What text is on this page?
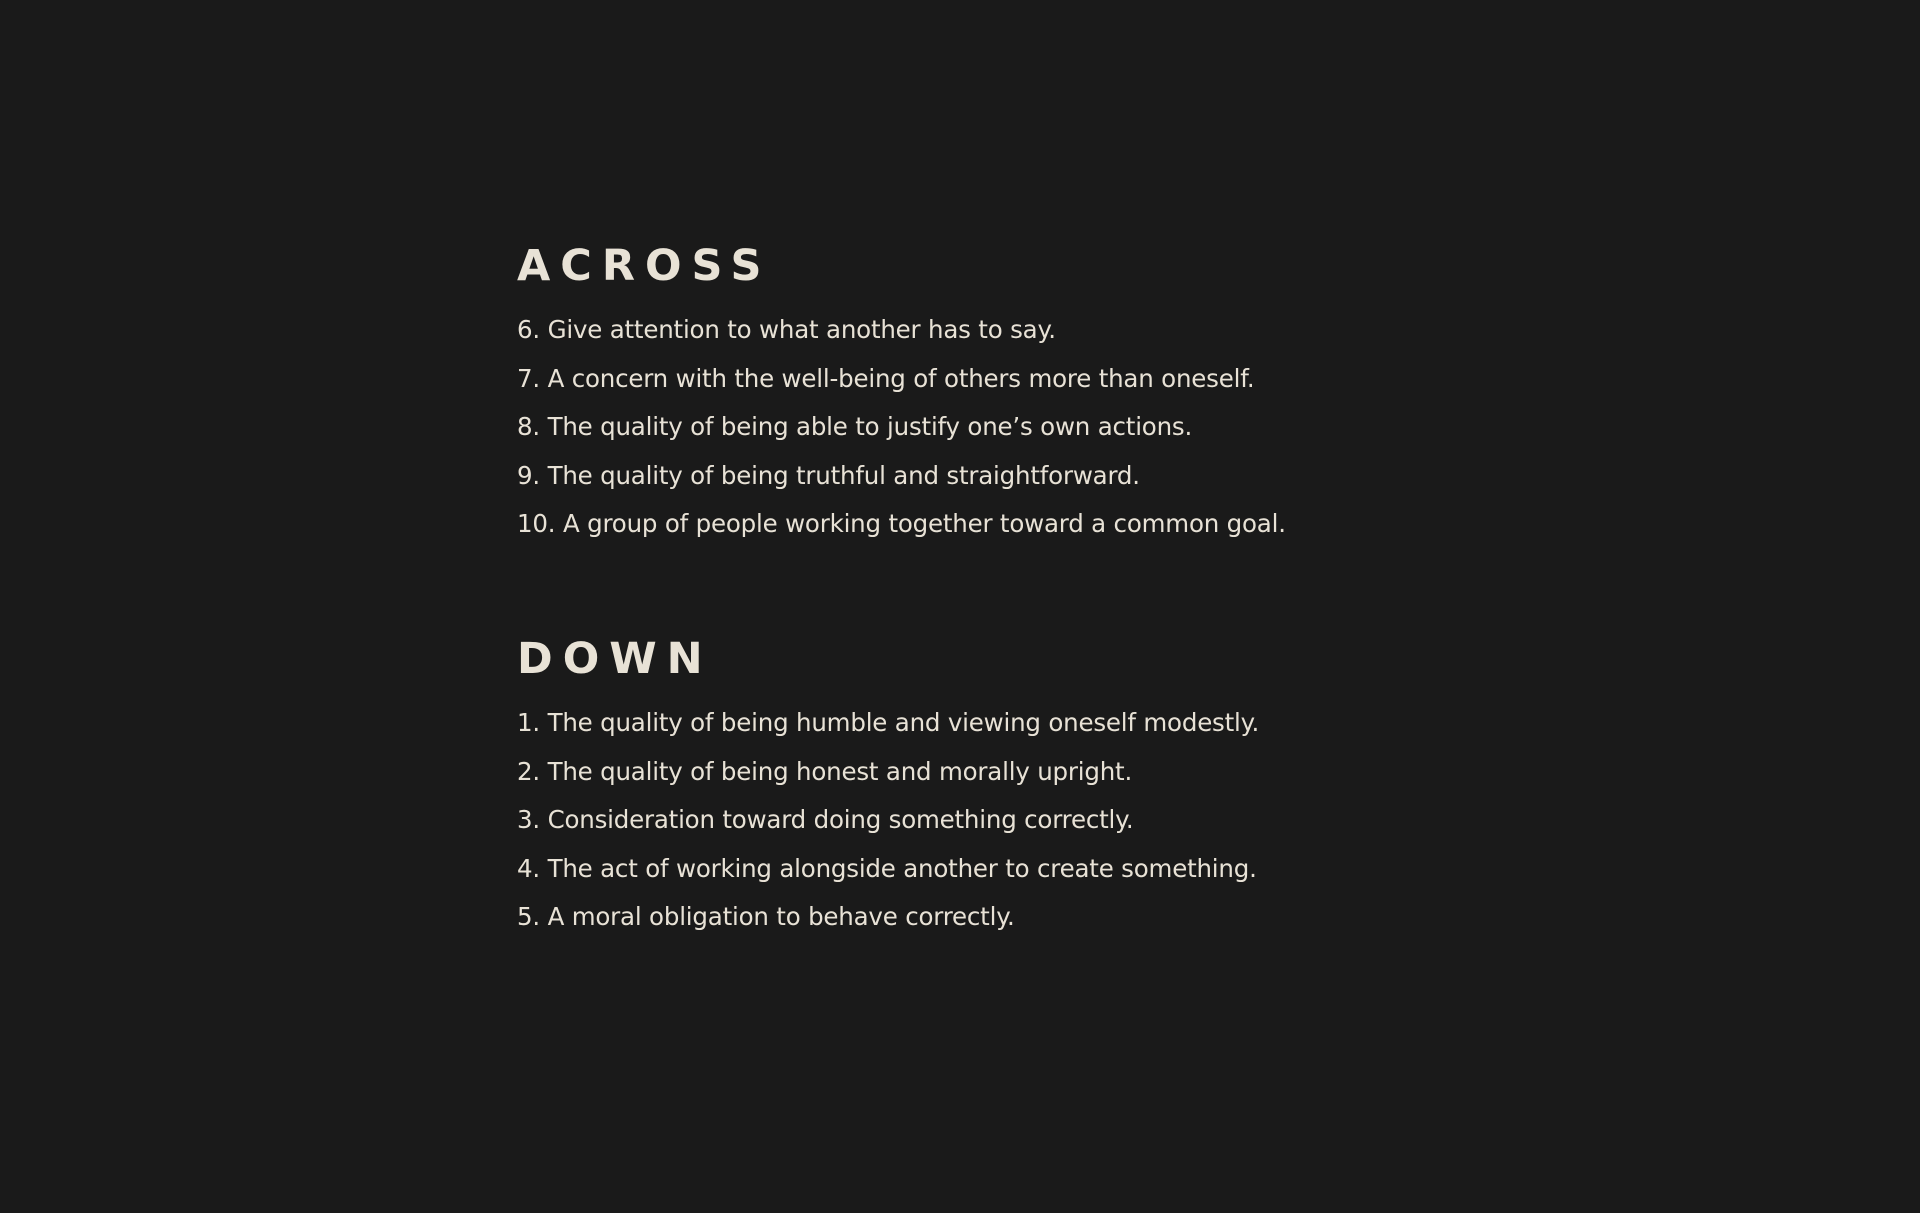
ACROSS
6. Give attention to what another has to say.
7. A concern with the well-being of others more than oneself.
8. The quality of being able to justify one’s own actions.
9. The quality of being truthful and straightforward.
10. A group of people working together toward a common goal.
DOWN
1. The quality of being humble and viewing oneself modestly.
2. The quality of being honest and morally upright.
3. Consideration toward doing something correctly.
4. The act of working alongside another to create something.
5. A moral obligation to behave correctly.
